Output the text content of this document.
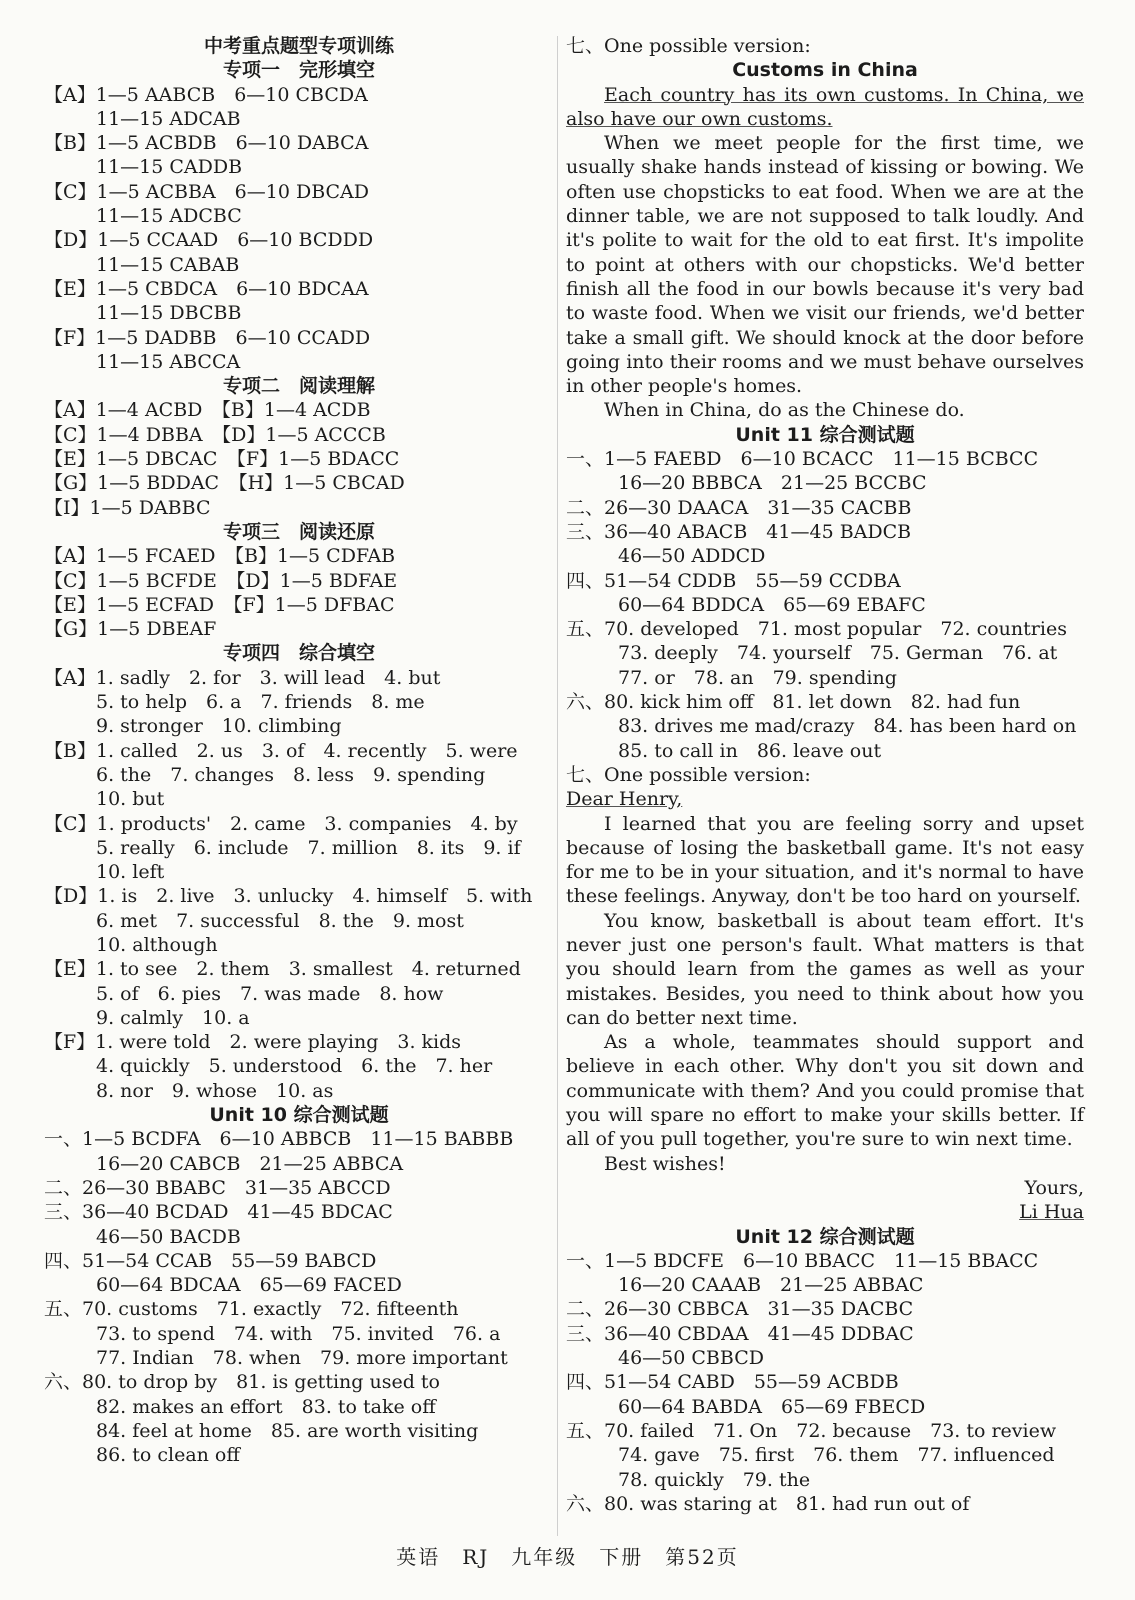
中考重点题型专项训练
专项一　完形填空
【A】1—5 AABCB　6—10 CBCDA
11—15 ADCAB
【B】1—5 ACBDB　6—10 DABCA
11—15 CADDB
【C】1—5 ACBBA　6—10 DBCAD
11—15 ADCBC
【D】1—5 CCAAD　6—10 BCDDD
11—15 CABAB
【E】1—5 CBDCA　6—10 BDCAA
11—15 DBCBB
【F】1—5 DADBB　6—10 CCADD
11—15 ABCCA
专项二　阅读理解
【A】1—4 ACBD　【B】1—4 ACDB
【C】1—4 DBBA　【D】1—5 ACCCB
【E】1—5 DBCAC　【F】1—5 BDACC
【G】1—5 BDDAC　【H】1—5 CBCAD
【I】1—5 DABBC
专项三　阅读还原
【A】1—5 FCAED　【B】1—5 CDFAB
【C】1—5 BCFDE　【D】1—5 BDFAE
【E】1—5 ECFAD　【F】1—5 DFBAC
【G】1—5 DBEAF
专项四　综合填空
【A】1. sadly　2. for　3. will lead　4. but
5. to help　6. a　7. friends　8. me
9. stronger　10. climbing
【B】1. called　2. us　3. of　4. recently　5. were
6. the　7. changes　8. less　9. spending
10. but
【C】1. products'　2. came　3. companies　4. by
5. really　6. include　7. million　8. its　9. if
10. left
【D】1. is　2. live　3. unlucky　4. himself　5. with
6. met　7. successful　8. the　9. most
10. although
【E】1. to see　2. them　3. smallest　4. returned
5. of　6. pies　7. was made　8. how
9. calmly　10. a
【F】1. were told　2. were playing　3. kids
4. quickly　5. understood　6. the　7. her
8. nor　9. whose　10. as
Unit 10 综合测试题
一、1—5 BCDFA　6—10 ABBCB　11—15 BABBB
16—20 CABCB　21—25 ABBCA
二、26—30 BBABC　31—35 ABCCD
三、36—40 BCDAD　41—45 BDCAC
46—50 BACDB
四、51—54 CCAB　55—59 BABCD
60—64 BDCAA　65—69 FACED
五、70. customs　71. exactly　72. fifteenth
73. to spend　74. with　75. invited　76. a
77. Indian　78. when　79. more important
六、80. to drop by　81. is getting used to
82. makes an effort　83. to take off
84. feel at home　85. are worth visiting
86. to clean off
七、One possible version:
Customs in China
Each country has its own customs. In China, we also have our own customs.
When we meet people for the first time, we usually shake hands instead of kissing or bowing. We often use chopsticks to eat food. When we are at the dinner table, we are not supposed to talk loudly. And it's polite to wait for the old to eat first. It's impolite to point at others with our chopsticks. We'd better finish all the food in our bowls because it's very bad to waste food. When we visit our friends, we'd better take a small gift. We should knock at the door before going into their rooms and we must behave ourselves in other people's homes.
When in China, do as the Chinese do.
Unit 11 综合测试题
一、1—5 FAEBD　6—10 BCACC　11—15 BCBCC
16—20 BBBCA　21—25 BCCBC
二、26—30 DAACA　31—35 CACBB
三、36—40 ABACB　41—45 BADCB
46—50 ADDCD
四、51—54 CDDB　55—59 CCDBA
60—64 BDDCA　65—69 EBAFC
五、70. developed　71. most popular　72. countries
73. deeply　74. yourself　75. German　76. at
77. or　78. an　79. spending
六、80. kick him off　81. let down　82. had fun
83. drives me mad/crazy　84. has been hard on
85. to call in　86. leave out
七、One possible version:
Dear Henry,
I learned that you are feeling sorry and upset because of losing the basketball game. It's not easy for me to be in your situation, and it's normal to have these feelings. Anyway, don't be too hard on yourself.
You know, basketball is about team effort. It's never just one person's fault. What matters is that you should learn from the games as well as your mistakes. Besides, you need to think about how you can do better next time.
As a whole, teammates should support and believe in each other. Why don't you sit down and communicate with them? And you could promise that you will spare no effort to make your skills better. If all of you pull together, you're sure to win next time.
Best wishes!
Yours,
Li Hua
Unit 12 综合测试题
一、1—5 BDCFE　6—10 BBACC　11—15 BBACC
16—20 CAAAB　21—25 ABBAC
二、26—30 CBBCA　31—35 DACBC
三、36—40 CBDAA　41—45 DDBAC
46—50 CBBCD
四、51—54 CABD　55—59 ACBDB
60—64 BABDA　65—69 FBECD
五、70. failed　71. On　72. because　73. to review
74. gave　75. first　76. them　77. influenced
78. quickly　79. the
六、80. was staring at　81. had run out of
英语　RJ　九年级　下册　第52页
